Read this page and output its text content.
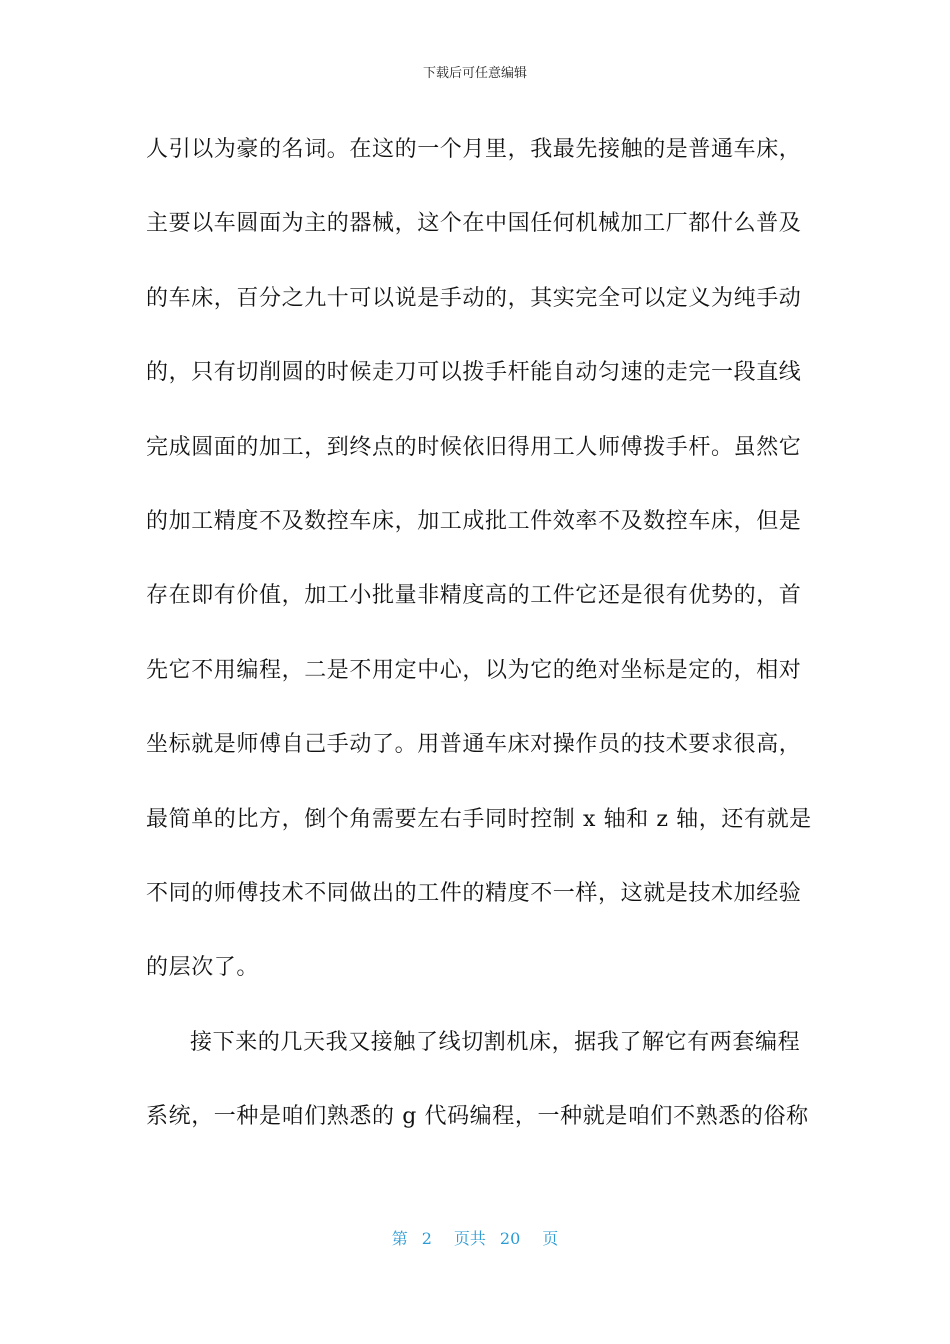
下载后可任意编辑
人引以为豪的名词。在这的一个月里，我最先接触的是普通车床，
主要以车圆面为主的器械，这个在中国任何机械加工厂都什么普及
的车床，百分之九十可以说是手动的，其实完全可以定义为纯手动
的，只有切削圆的时候走刀可以拨手杆能自动匀速的走完一段直线
完成圆面的加工，到终点的时候依旧得用工人师傅拨手杆。虽然它
的加工精度不及数控车床，加工成批工件效率不及数控车床，但是
存在即有价值，加工小批量非精度高的工件它还是很有优势的，首
先它不用编程，二是不用定中心，以为它的绝对坐标是定的，相对
坐标就是师傅自己手动了。用普通车床对操作员的技术要求很高，
最简单的比方，倒个角需要左右手同时控制 x 轴和 z 轴，还有就是
不同的师傅技术不同做出的工件的精度不一样，这就是技术加经验
的层次了。
接下来的几天我又接触了线切割机床，据我了解它有两套编程
系统，一种是咱们熟悉的 g 代码编程，一种就是咱们不熟悉的俗称
第 2 页共 20 页
